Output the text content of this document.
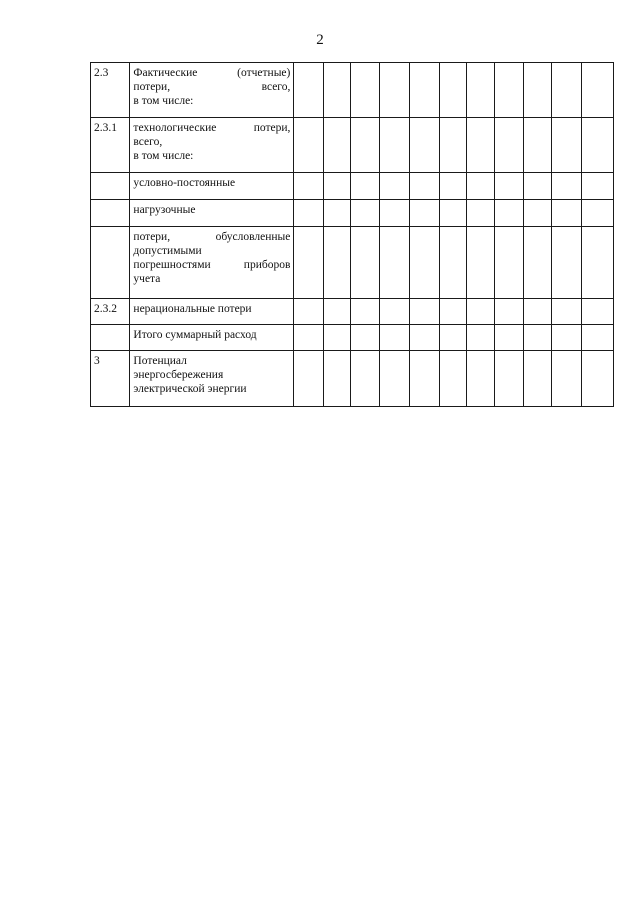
2
2.3	Фактические (отчетные)
потери, всего,
в том числе:											

2.3.1	технологические потери,
всего,
в том числе:											

	условно-постоянные											

	нагрузочные											

	потери, обусловленные
допустимыми
погрешностями приборов
учета											

2.3.2	нерациональные потери											

	Итого суммарный расход											

3	Потенциал
энергосбережения
электрической энергии											
